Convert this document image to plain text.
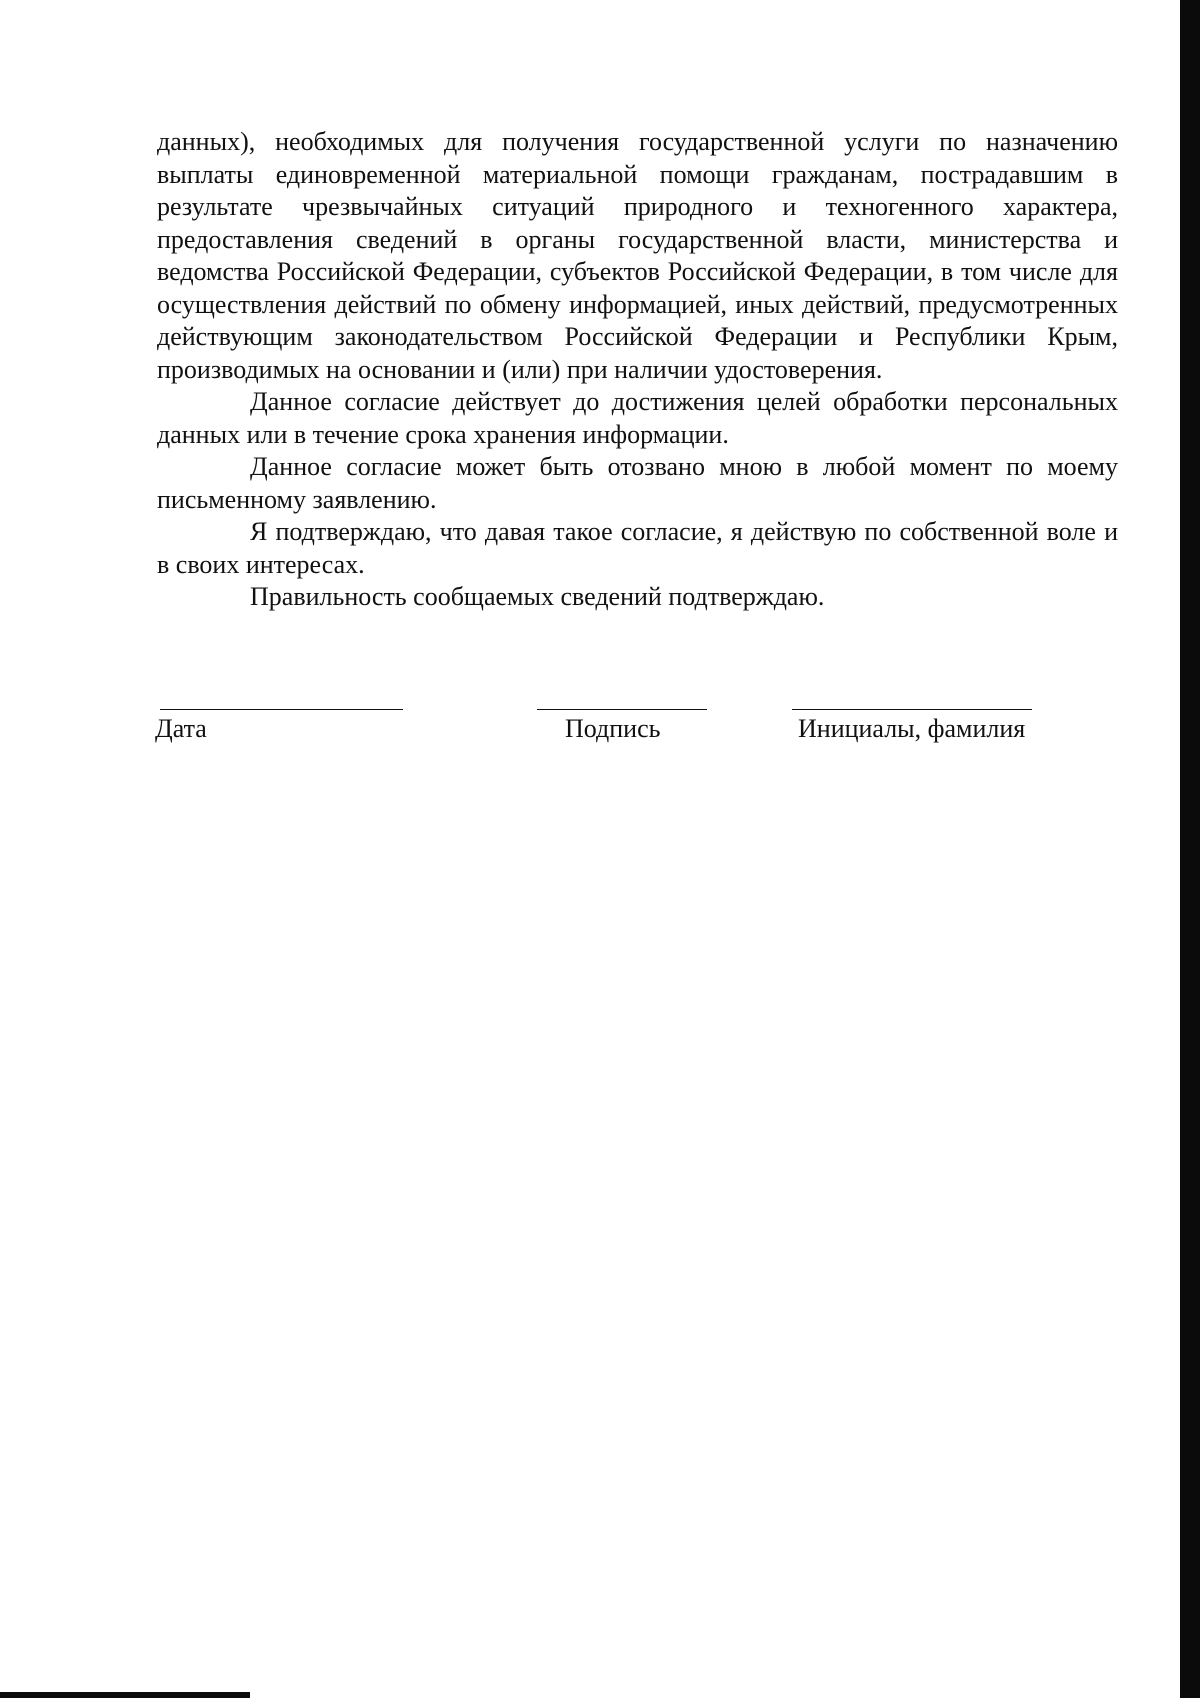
данных), необходимых для получения государственной услуги по назначению выплаты единовременной материальной помощи гражданам, пострадавшим в результате чрезвычайных ситуаций природного и техногенного характера, предоставления сведений в органы государственной власти, министерства и ведомства Российской Федерации, субъектов Российской Федерации, в том числе для осуществления действий по обмену информацией, иных действий, предусмотренных действующим законодательством Российской Федерации и Республики Крым, производимых на основании и (или) при наличии удостоверения.

Данное согласие действует до достижения целей обработки персональных данных или в течение срока хранения информации.

Данное согласие может быть отозвано мною в любой момент по моему письменному заявлению.

Я подтверждаю, что давая такое согласие, я действую по собственной воле и в своих интересах.

Правильность сообщаемых сведений подтверждаю.

Дата	Подпись	Инициалы, фамилия
